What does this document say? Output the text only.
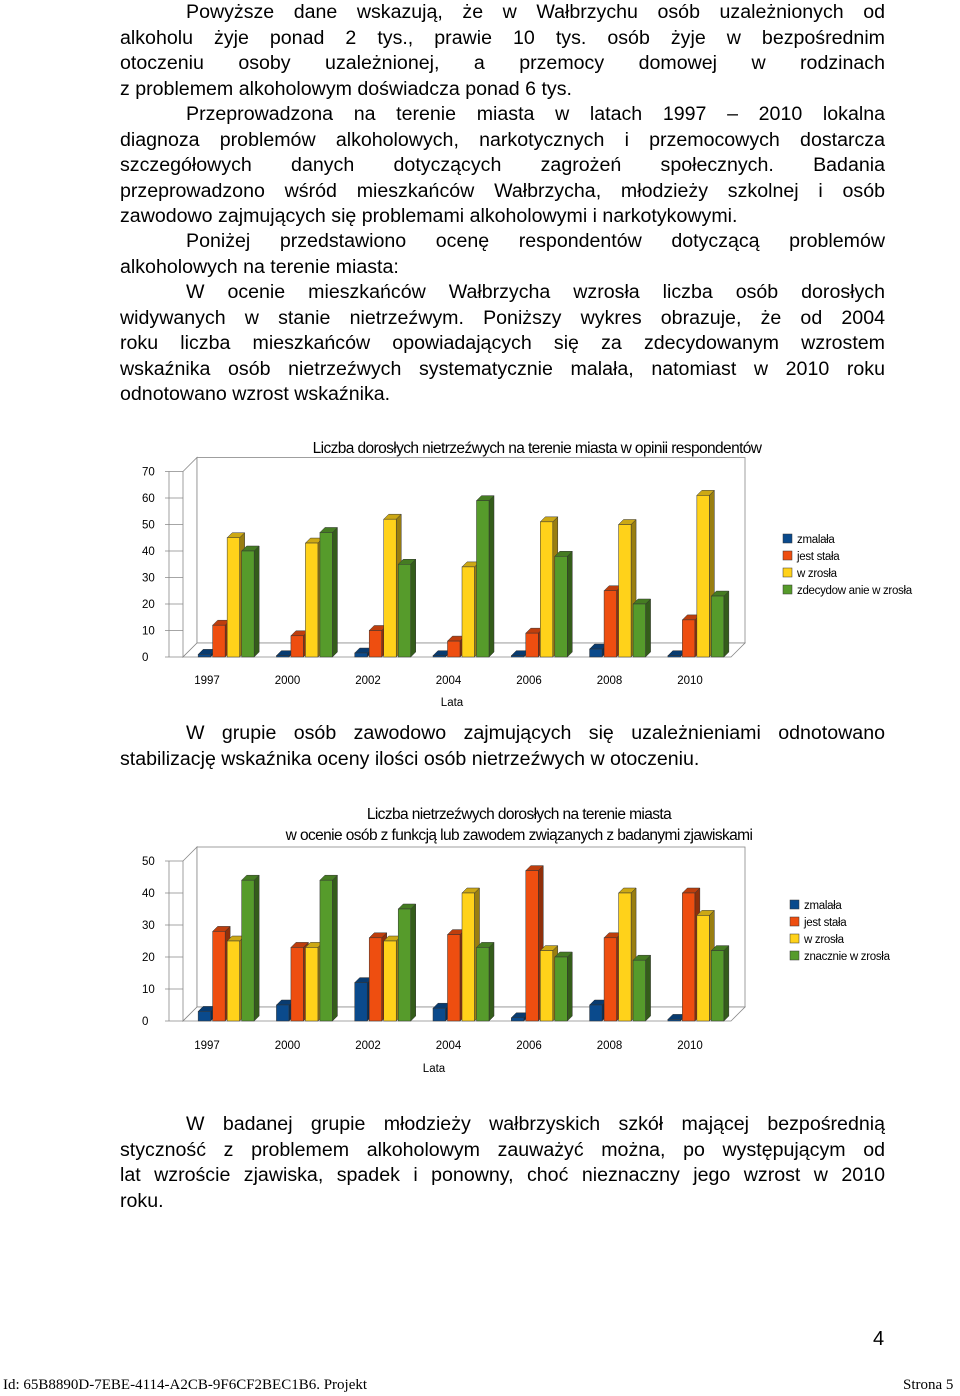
Powyższe dane wskazują, że w Wałbrzychu osób uzależnionych od
alkoholu żyje ponad 2 tys., prawie 10 tys. osób żyje w bezpośrednim
otoczeniu osoby uzależnionej, a przemocy domowej w rodzinach
z problemem alkoholowym doświadcza ponad 6 tys.
Przeprowadzona na terenie miasta w latach 1997 – 2010 lokalna
diagnoza problemów alkoholowych, narkotycznych i przemocowych dostarcza
szczegółowych danych dotyczących zagrożeń społecznych. Badania
przeprowadzono wśród mieszkańców Wałbrzycha, młodzieży szkolnej i osób
zawodowo zajmujących się problemami alkoholowymi i narkotykowymi.
Poniżej przedstawiono ocenę respondentów dotyczącą problemów
alkoholowych na terenie miasta:
W ocenie mieszkańców Wałbrzycha wzrosła liczba osób dorosłych
widywanych w stanie nietrzeźwym. Poniższy wykres obrazuje, że od 2004
roku liczba mieszkańców opowiadających się za zdecydowanym wzrostem
wskaźnika osób nietrzeźwych systematycznie malała, natomiast w 2010 roku
odnotowano wzrost wskaźnika.
Liczba dorosłych nietrzeźwych na terenie miasta w opinii respondentów
0
10
20
30
40
50
60
70
1997	2000	2002	2004	2006	2008	2010
Lata
zmalała
jest stała
w zrosła
zdecydow anie w zrosła
W grupie osób zawodowo zajmujących się uzależnieniami odnotowano
stabilizację wskaźnika oceny ilości osób nietrzeźwych w otoczeniu.
Liczba nietrzeźwych dorosłych na terenie miasta
w ocenie osób z funkcją lub zawodem związanych z badanymi zjawiskami
0
10
20
30
40
50
1997	2000	2002	2004	2006	2008	2010
Lata
zmalała
jest stała
w zrosła
znacznie w zrosła
W badanej grupie młodzieży wałbrzyskich szkół mającej bezpośrednią
styczność z problemem alkoholowym zauważyć można, po występującym od
lat wzroście zjawiska, spadek i ponowny, choć nieznaczny jego wzrost w 2010
roku.
4
Id: 65B8890D-7EBE-4114-A2CB-9F6CF2BEC1B6. Projekt	Strona 5
